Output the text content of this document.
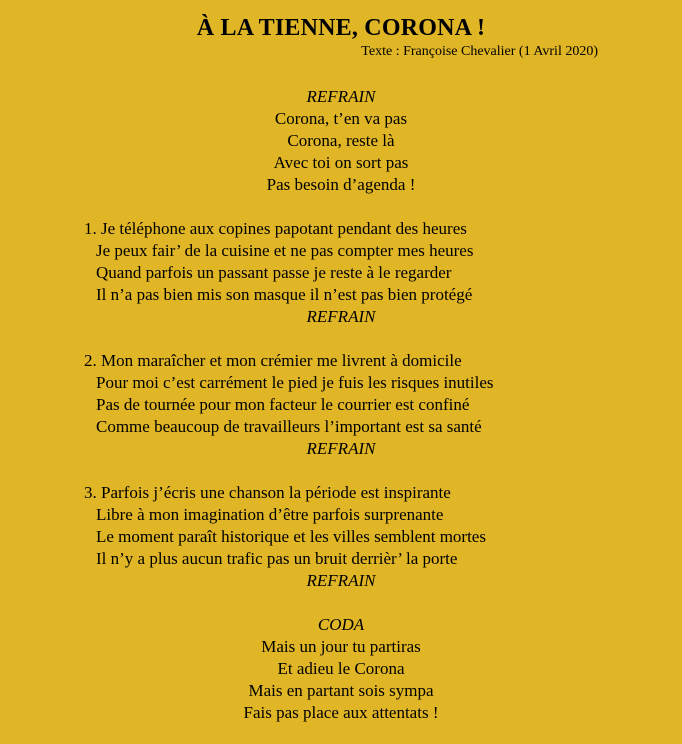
À LA TIENNE, CORONA !
Texte : Françoise Chevalier (1 Avril 2020)
REFRAIN
Corona, t’en va pas
Corona, reste là
Avec toi on sort pas
Pas besoin d’agenda !
1. Je téléphone aux copines papotant pendant des heures
Je peux fair’ de la cuisine et ne pas compter mes heures
Quand parfois un passant passe je reste à le regarder
Il n’a pas bien mis son masque il n’est pas bien protégé
REFRAIN
2. Mon maraîcher et mon crémier me livrent à domicile
Pour moi c’est carrément le pied je fuis les risques inutiles
Pas de tournée pour mon facteur le courrier est confiné
Comme beaucoup de travailleurs l’important est sa santé
REFRAIN
3. Parfois j’écris une chanson la période est inspirante
Libre à mon imagination d’être parfois surprenante
Le moment paraît historique et les villes semblent mortes
Il n’y a plus aucun trafic pas un bruit derrièr’ la porte
REFRAIN
CODA
Mais un jour tu partiras
Et adieu le Corona
Mais en partant sois sympa
Fais pas place aux attentats !
